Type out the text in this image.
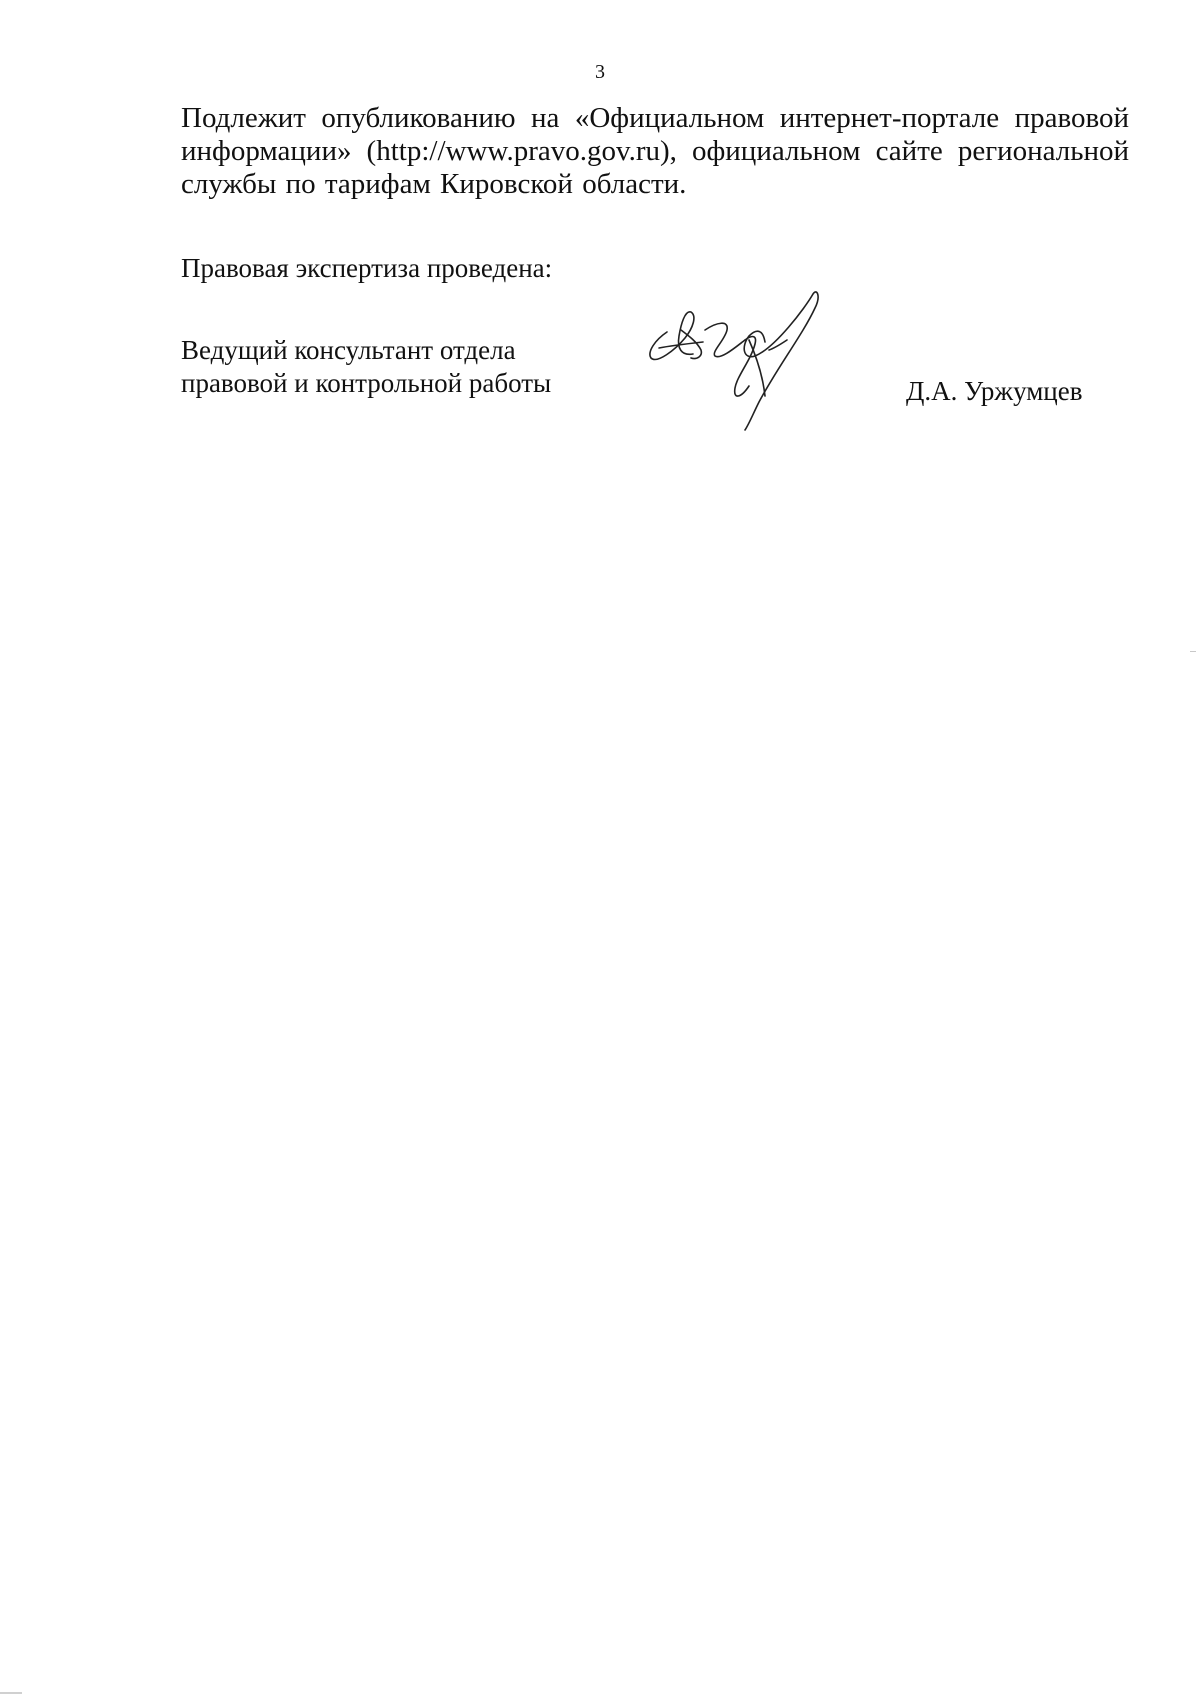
3
Подлежит опубликованию на «Официальном интернет-портале правовой информации» (http://www.pravo.gov.ru), официальном сайте региональной службы по тарифам Кировской области.
Правовая экспертиза проведена:
Ведущий консультант отдела
правовой и контрольной работы	Д.А. Уржумцев
